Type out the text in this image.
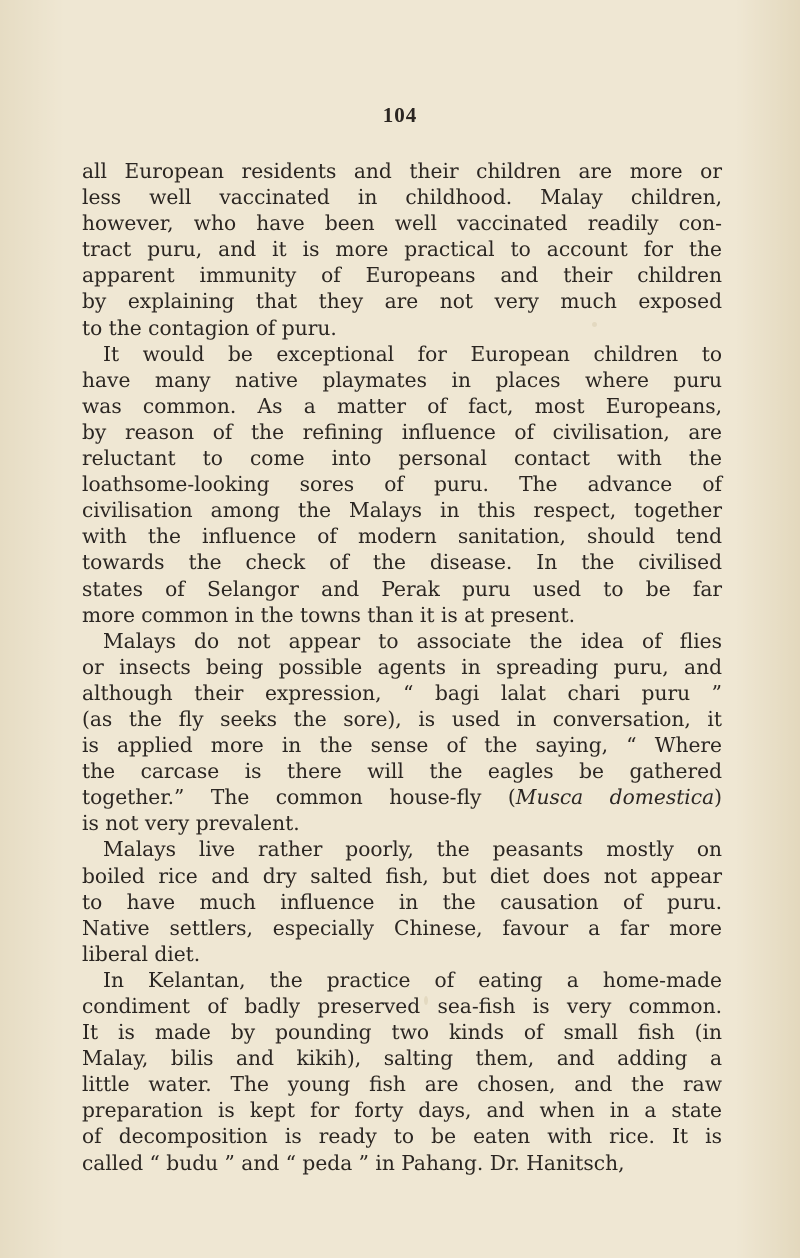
104
all European residents and their children are more or
less well vaccinated in childhood. Malay children,
however, who have been well vaccinated readily con-
tract puru, and it is more practical to account for the
apparent immunity of Europeans and their children
by explaining that they are not very much exposed
to the contagion of puru.
It would be exceptional for European children to
have many native playmates in places where puru
was common. As a matter of fact, most Europeans,
by reason of the refining influence of civilisation, are
reluctant to come into personal contact with the
loathsome-looking sores of puru. The advance of
civilisation among the Malays in this respect, together
with the influence of modern sanitation, should tend
towards the check of the disease. In the civilised
states of Selangor and Perak puru used to be far
more common in the towns than it is at present.
Malays do not appear to associate the idea of flies
or insects being possible agents in spreading puru, and
although their expression, “ bagi lalat chari puru ”
(as the fly seeks the sore), is used in conversation, it
is applied more in the sense of the saying, “ Where
the carcase is there will the eagles be gathered
together.” The common house-fly (Musca domestica)
is not very prevalent.
Malays live rather poorly, the peasants mostly on
boiled rice and dry salted fish, but diet does not appear
to have much influence in the causation of puru.
Native settlers, especially Chinese, favour a far more
liberal diet.
In Kelantan, the practice of eating a home-made
condiment of badly preserved sea-fish is very common.
It is made by pounding two kinds of small fish (in
Malay, bilis and kikih), salting them, and adding a
little water. The young fish are chosen, and the raw
preparation is kept for forty days, and when in a state
of decomposition is ready to be eaten with rice. It is
called “ budu ” and “ peda ” in Pahang. Dr. Hanitsch,
